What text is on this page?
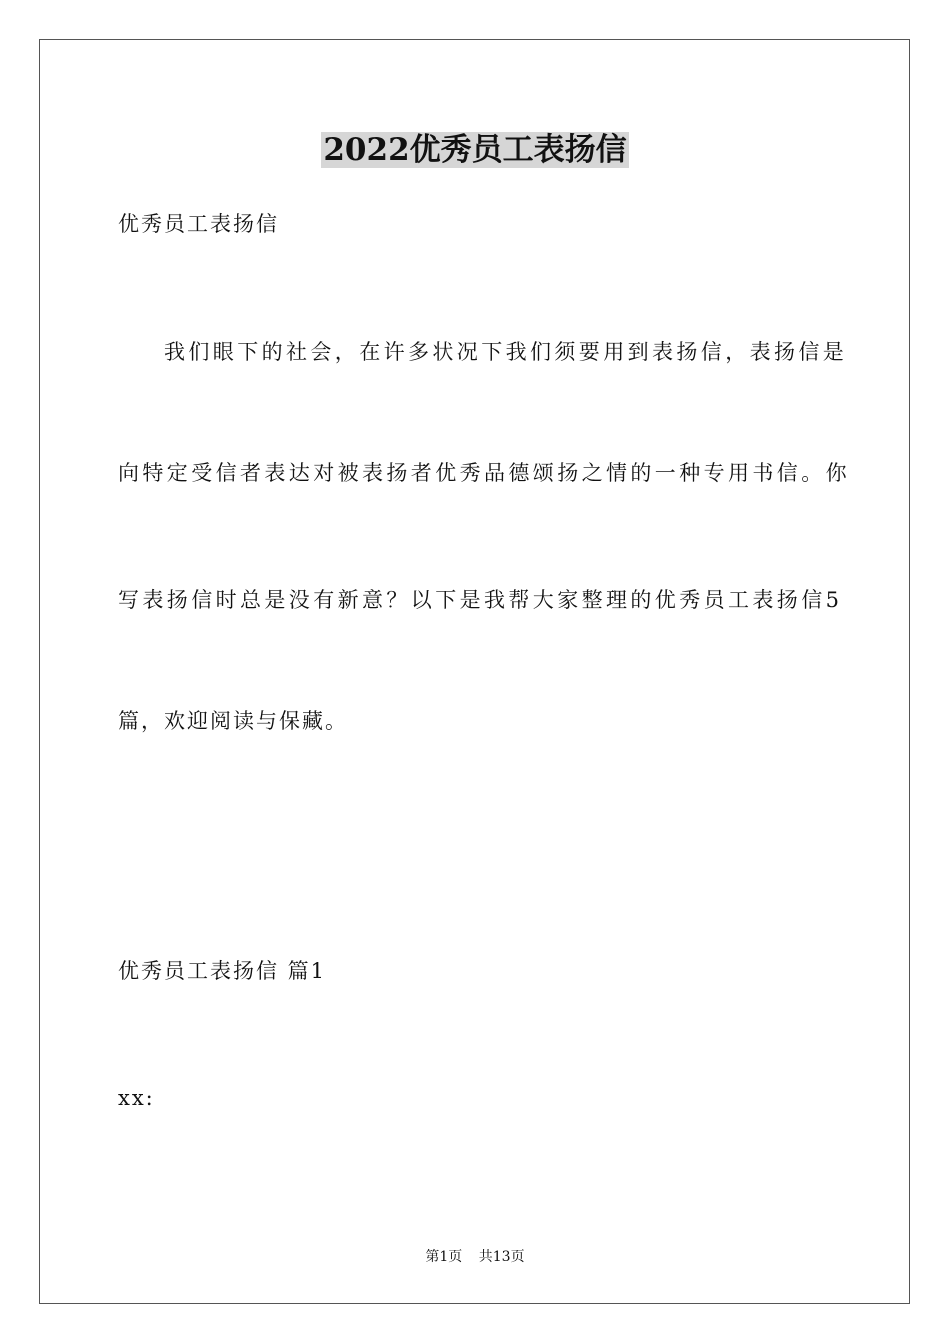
2022优秀员工表扬信
优秀员工表扬信
我们眼下的社会，在许多状况下我们须要用到表扬信，表扬信是
向特定受信者表达对被表扬者优秀品德颂扬之情的一种专用书信。你
写表扬信时总是没有新意？以下是我帮大家整理的优秀员工表扬信5
篇，欢迎阅读与保藏。
优秀员工表扬信 篇1
xx:
第1页 共13页
